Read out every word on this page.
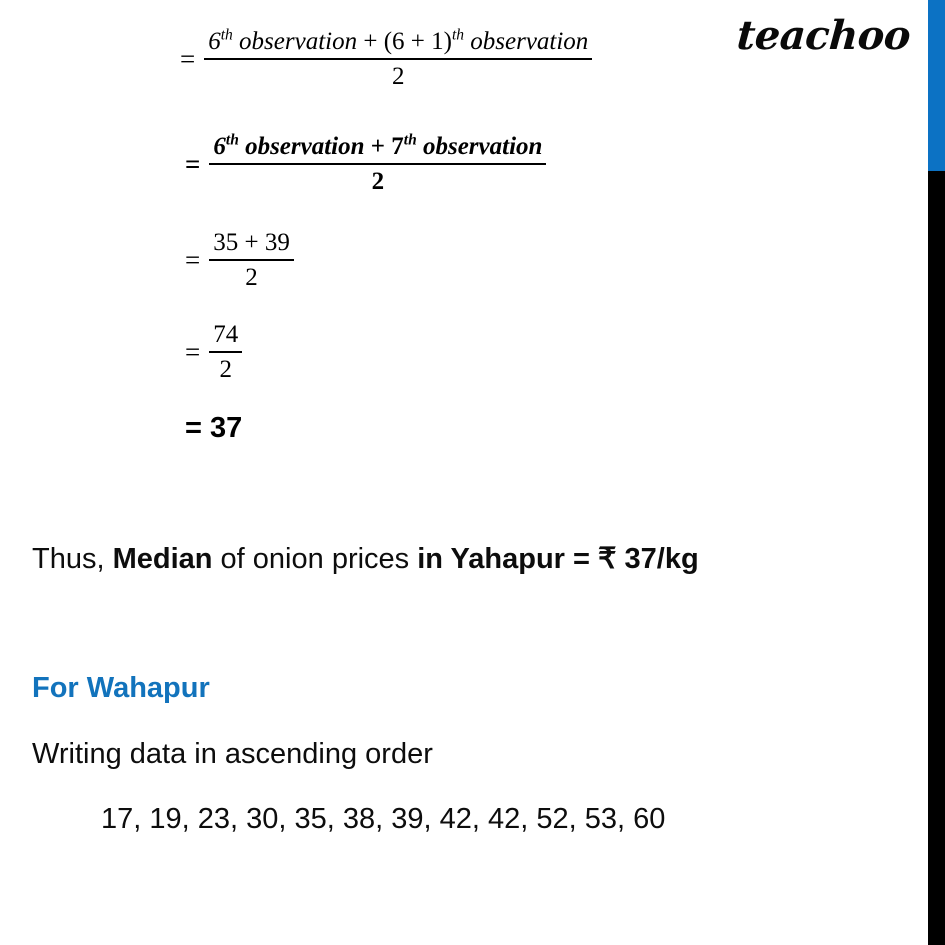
teachoo
= $\frac{6^{th} observation + (6 + 1)^{th} observation}{2}$
= $\frac{6^{th} observation + 7^{th} observation}{2}$
= $\frac{35 + 39}{2}$
= $\frac{74}{2}$
= 37
Thus, Median of onion prices in Yahapur = ₹ 37/kg
For Wahapur
Writing data in ascending order
17, 19, 23, 30, 35, 38, 39, 42, 42, 52, 53, 60
